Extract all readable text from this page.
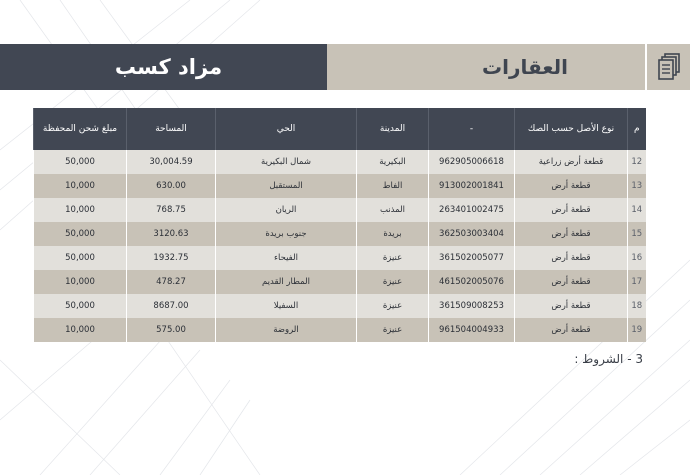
مزاد كسب	العقارات
م	نوع الأصل حسب الصك	-	المدينة	الحي	المساحة	مبلغ شحن المحفظة
12	قطعة أرض زراعية	962905006618	البكيرية	شمال البكيرية	30,004.59	50,000
13	قطعة أرض	913002001841	الفاط	المستقبل	630.00	10,000
14	قطعة أرض	263401002475	المذنب	الريان	768.75	10,000
15	قطعة أرض	362503003404	بريدة	جنوب بريدة	3120.63	50,000
16	قطعة أرض	361502005077	عنيزة	الفيحاء	1932.75	50,000
17	قطعة أرض	461502005076	عنيزة	المطار القديم	478.27	10,000
18	قطعة أرض	361509008253	عنيزة	السفيلا	8687.00	50,000
19	قطعة أرض	961504004933	عنيزة	الروضة	575.00	10,000
3 - الشروط :
